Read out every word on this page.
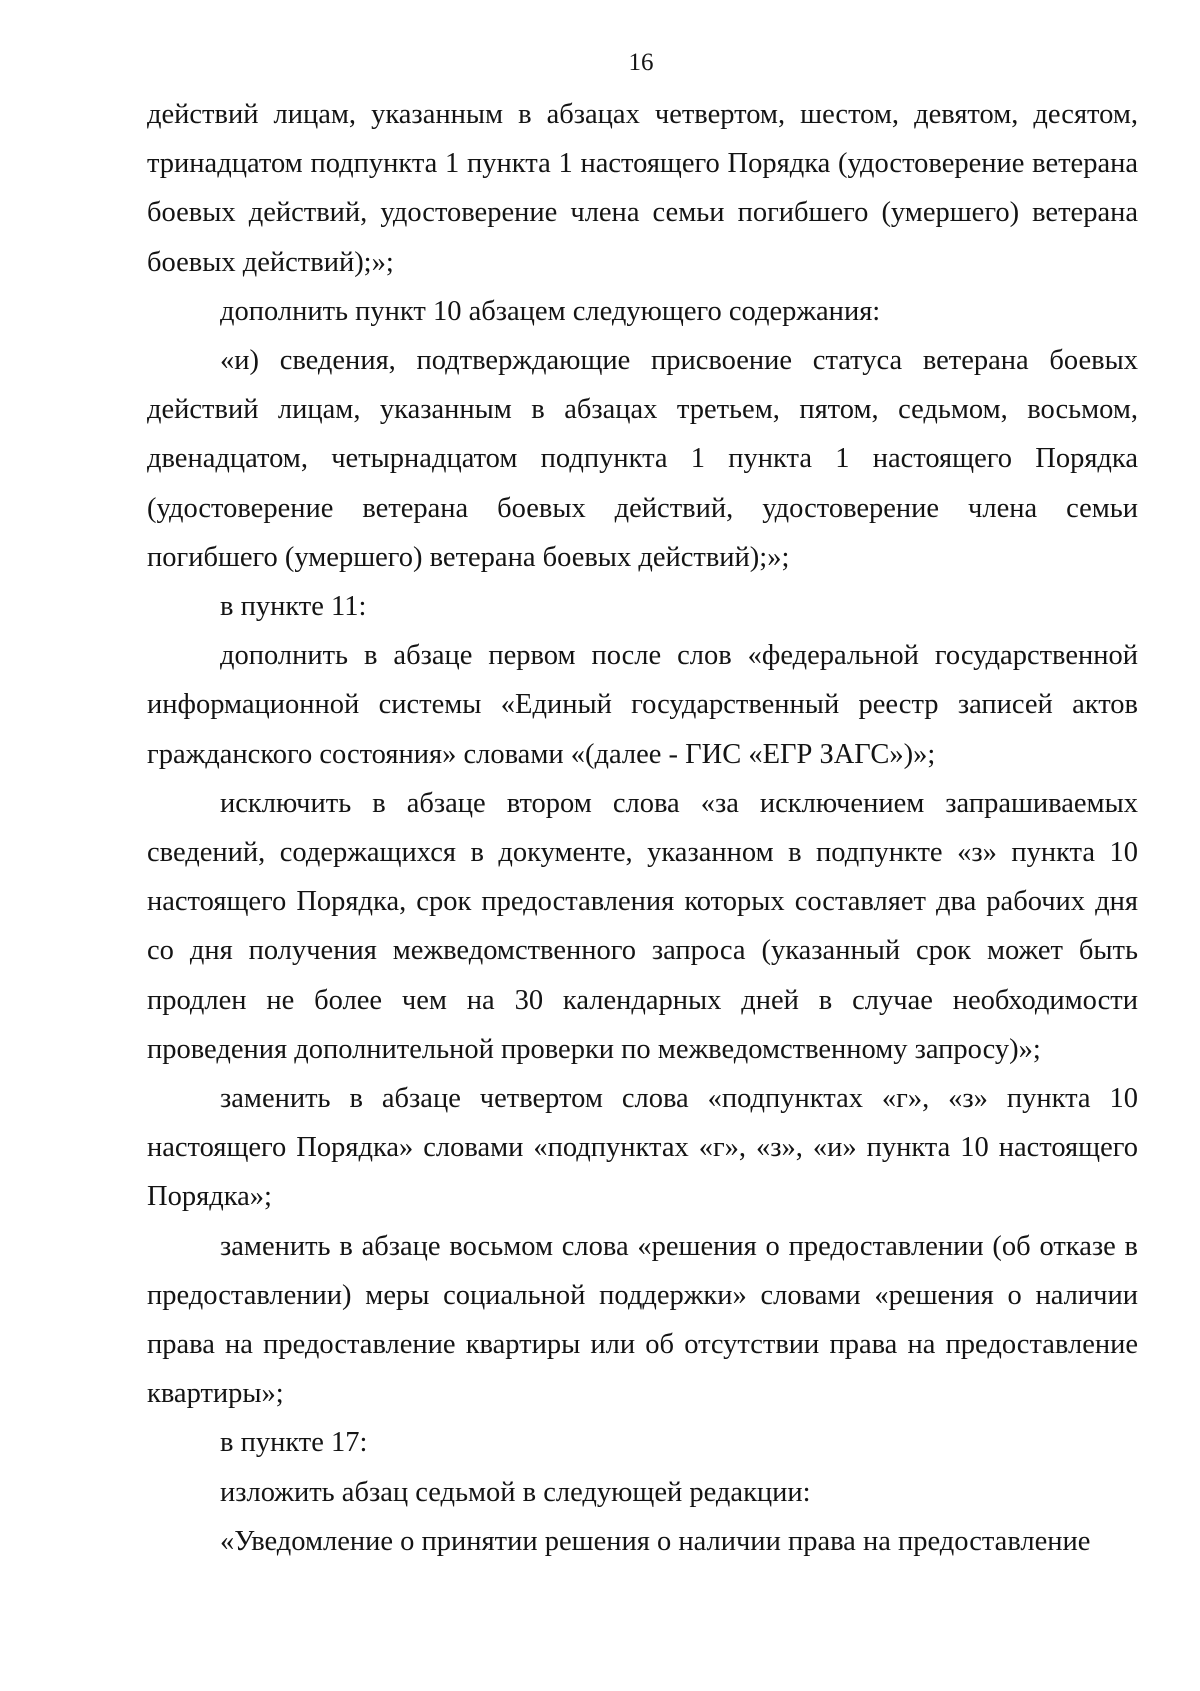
16

действий лицам, указанным в абзацах четвертом, шестом, девятом, десятом, тринадцатом подпункта 1 пункта 1 настоящего Порядка (удостоверение ветерана боевых действий, удостоверение члена семьи погибшего (умершего) ветерана боевых действий);»;

дополнить пункт 10 абзацем следующего содержания:

«и) сведения, подтверждающие присвоение статуса ветерана боевых действий лицам, указанным в абзацах третьем, пятом, седьмом, восьмом, двенадцатом, четырнадцатом подпункта 1 пункта 1 настоящего Порядка (удостоверение ветерана боевых действий, удостоверение члена семьи погибшего (умершего) ветерана боевых действий);»;

в пункте 11:

дополнить в абзаце первом после слов «федеральной государственной информационной системы «Единый государственный реестр записей актов гражданского состояния» словами «(далее - ГИС «ЕГР ЗАГС»)»;

исключить в абзаце втором слова «за исключением запрашиваемых сведений, содержащихся в документе, указанном в подпункте «з» пункта 10 настоящего Порядка, срок предоставления которых составляет два рабочих дня со дня получения межведомственного запроса (указанный срок может быть продлен не более чем на 30 календарных дней в случае необходимости проведения дополнительной проверки по межведомственному запросу)»;

заменить в абзаце четвертом слова «подпунктах «г», «з» пункта 10 настоящего Порядка» словами «подпунктах «г», «з», «и» пункта 10 настоящего Порядка»;

заменить в абзаце восьмом слова «решения о предоставлении (об отказе в предоставлении) меры социальной поддержки» словами «решения о наличии права на предоставление квартиры или об отсутствии права на предоставление квартиры»;

в пункте 17:

изложить абзац седьмой в следующей редакции:

«Уведомление о принятии решения о наличии права на предоставление
